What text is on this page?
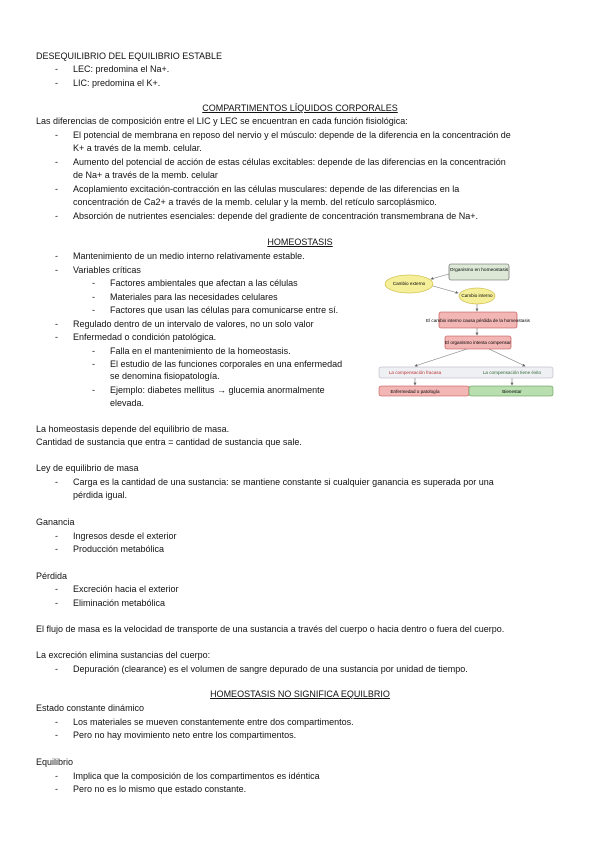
DESEQUILIBRIO DEL EQUILIBRIO ESTABLE
- LEC: predomina el Na+.
- LIC: predomina el K+.
COMPARTIMENTOS LÍQUIDOS CORPORALES
Las diferencias de composición entre el LIC y LEC se encuentran en cada función fisiológica:
- El potencial de membrana en reposo del nervio y el músculo: depende de la diferencia en la concentración de
K+ a través de la memb. celular.
- Aumento del potencial de acción de estas células excitables: depende de las diferencias en la concentración
de Na+ a través de la memb. celular
- Acoplamiento excitación-contracción en las células musculares: depende de las diferencias en la
concentración de Ca2+ a través de la memb. celular y la memb. del retículo sarcoplásmico.
- Absorción de nutrientes esenciales: depende del gradiente de concentración transmembrana de Na+.
HOMEOSTASIS
- Mantenimiento de un medio interno relativamente estable.
- Variables críticas
- Factores ambientales que afectan a las células
- Materiales para las necesidades celulares
- Factores que usan las células para comunicarse entre sí.
- Regulado dentro de un intervalo de valores, no un solo valor
- Enfermedad o condición patológica.
- Falla en el mantenimiento de la homeostasis.
- El estudio de las funciones corporales en una enfermedad
se denomina fisiopatología.
- Ejemplo: diabetes mellitus → glucemia anormalmente
elevada.
Organismo en homeostasis
Cambio externo
Cambio interno
El cambio interno causa pérdida de la homeostasis
El organismo intenta compensar
La compensación fracasa	La compensación tiene éxito
Enfermedad o patología	Bienestar
La homeostasis depende del equilibrio de masa.
Cantidad de sustancia que entra = cantidad de sustancia que sale.
Ley de equilibrio de masa
- Carga es la cantidad de una sustancia: se mantiene constante si cualquier ganancia es superada por una
pérdida igual.
Ganancia
- Ingresos desde el exterior
- Producción metabólica
Pérdida
- Excreción hacia el exterior
- Eliminación metabólica
El flujo de masa es la velocidad de transporte de una sustancia a través del cuerpo o hacia dentro o fuera del cuerpo.
La excreción elimina sustancias del cuerpo:
- Depuración (clearance) es el volumen de sangre depurado de una sustancia por unidad de tiempo.
HOMEOSTASIS NO SIGNIFICA EQUILBRIO
Estado constante dinámico
- Los materiales se mueven constantemente entre dos compartimentos.
- Pero no hay movimiento neto entre los compartimentos.
Equilibrio
- Implica que la composición de los compartimentos es idéntica
- Pero no es lo mismo que estado constante.
